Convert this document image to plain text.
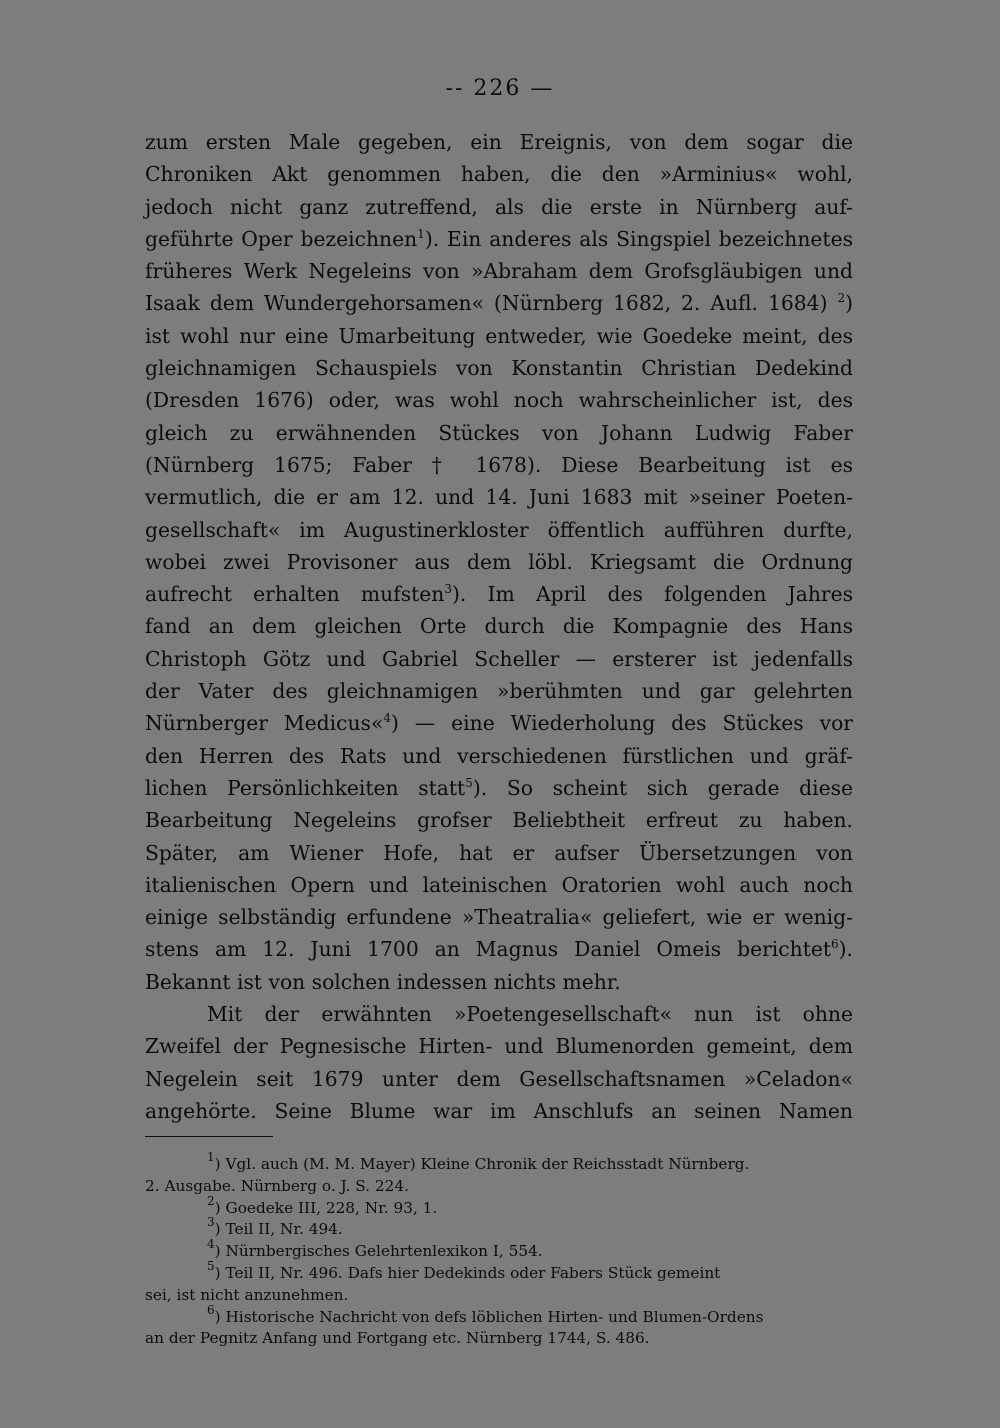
-- 226 —
zum ersten Male gegeben, ein Ereignis, von dem sogar die
Chroniken Akt genommen haben, die den »Arminius« wohl,
jedoch nicht ganz zutreffend, als die erste in Nürnberg auf-
geführte Oper bezeichnen$^1$). Ein anderes als Singspiel bezeichnetes
früheres Werk Negeleins von »Abraham dem Grofsgläubigen und
Isaak dem Wundergehorsamen« (Nürnberg 1682, 2. Aufl. 1684) $^2$)
ist wohl nur eine Umarbeitung entweder, wie Goedeke meint, des
gleichnamigen Schauspiels von Konstantin Christian Dedekind
(Dresden 1676) oder, was wohl noch wahrscheinlicher ist, des
gleich zu erwähnenden Stückes von Johann Ludwig Faber
(Nürnberg 1675; Faber † 1678). Diese Bearbeitung ist es
vermutlich, die er am 12. und 14. Juni 1683 mit »seiner Poeten-
gesellschaft« im Augustinerkloster öffentlich aufführen durfte,
wobei zwei Provisoner aus dem löbl. Kriegsamt die Ordnung
aufrecht erhalten mufsten$^3$). Im April des folgenden Jahres
fand an dem gleichen Orte durch die Kompagnie des Hans
Christoph Götz und Gabriel Scheller — ersterer ist jedenfalls
der Vater des gleichnamigen »berühmten und gar gelehrten
Nürnberger Medicus«$^4$) — eine Wiederholung des Stückes vor
den Herren des Rats und verschiedenen fürstlichen und gräf-
lichen Persönlichkeiten statt$^5$). So scheint sich gerade diese
Bearbeitung Negeleins grofser Beliebtheit erfreut zu haben.
Später, am Wiener Hofe, hat er aufser Übersetzungen von
italienischen Opern und lateinischen Oratorien wohl auch noch
einige selbständig erfundene »Theatralia« geliefert, wie er wenig-
stens am 12. Juni 1700 an Magnus Daniel Omeis berichtet$^6$).
Bekannt ist von solchen indessen nichts mehr.
Mit der erwähnten »Poetengesellschaft« nun ist ohne
Zweifel der Pegnesische Hirten- und Blumenorden gemeint, dem
Negelein seit 1679 unter dem Gesellschaftsnamen »Celadon«
angehörte. Seine Blume war im Anschlufs an seinen Namen
$^1$) Vgl. auch (M. M. Mayer) Kleine Chronik der Reichsstadt Nürnberg.
2. Ausgabe. Nürnberg o. J. S. 224.
$^2$) Goedeke III, 228, Nr. 93, 1.
$^3$) Teil II, Nr. 494.
$^4$) Nürnbergisches Gelehrtenlexikon I, 554.
$^5$) Teil II, Nr. 496. Dafs hier Dedekinds oder Fabers Stück gemeint
sei, ist nicht anzunehmen.
$^6$) Historische Nachricht von defs löblichen Hirten- und Blumen-Ordens
an der Pegnitz Anfang und Fortgang etc. Nürnberg 1744, S. 486.
